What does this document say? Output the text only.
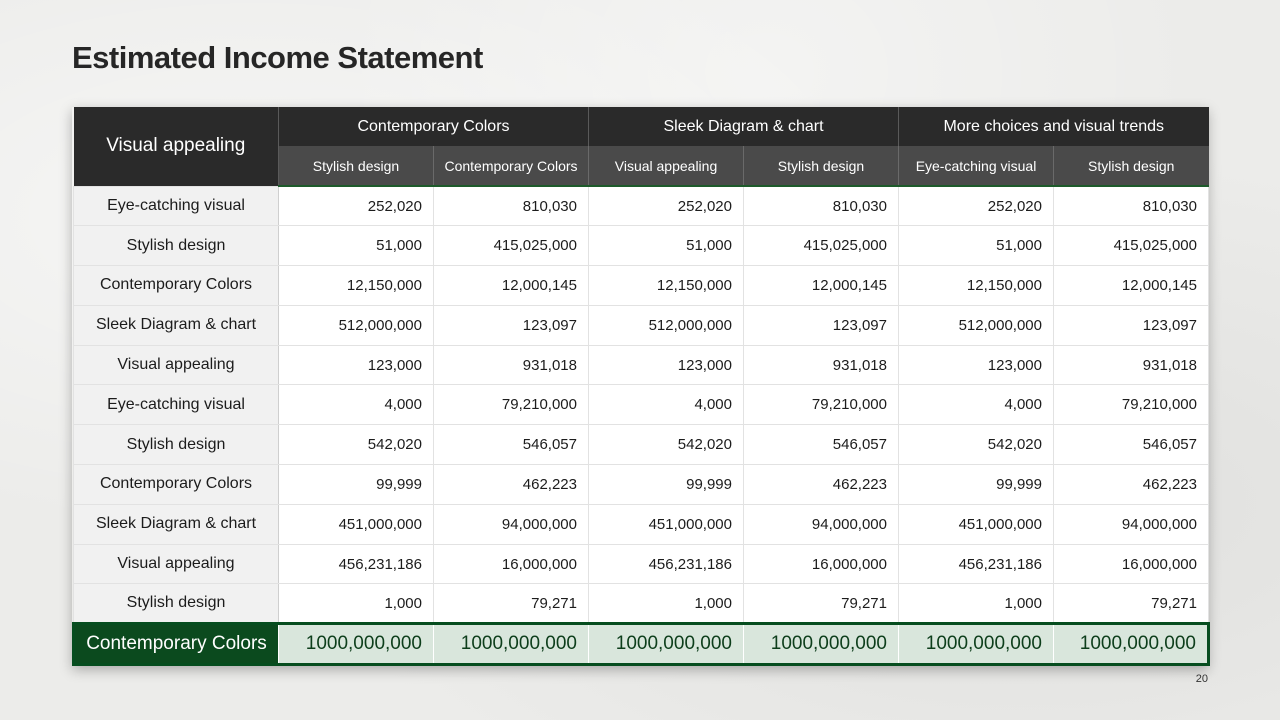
Estimated Income Statement
Visual appealing	Contemporary Colors		Sleek Diagram & chart		More choices and visual trends	
	Stylish design	Contemporary Colors	Visual appealing	Stylish design	Eye-catching visual	Stylish design
Eye-catching visual	252,020	810,030	252,020	810,030	252,020	810,030
Stylish design	51,000	415,025,000	51,000	415,025,000	51,000	415,025,000
Contemporary Colors	12,150,000	12,000,145	12,150,000	12,000,145	12,150,000	12,000,145
Sleek Diagram & chart	512,000,000	123,097	512,000,000	123,097	512,000,000	123,097
Visual appealing	123,000	931,018	123,000	931,018	123,000	931,018
Eye-catching visual	4,000	79,210,000	4,000	79,210,000	4,000	79,210,000
Stylish design	542,020	546,057	542,020	546,057	542,020	546,057
Contemporary Colors	99,999	462,223	99,999	462,223	99,999	462,223
Sleek Diagram & chart	451,000,000	94,000,000	451,000,000	94,000,000	451,000,000	94,000,000
Visual appealing	456,231,186	16,000,000	456,231,186	16,000,000	456,231,186	16,000,000
Stylish design	1,000	79,271	1,000	79,271	1,000	79,271
Contemporary Colors	1000,000,000	1000,000,000	1000,000,000	1000,000,000	1000,000,000	1000,000,000
20
